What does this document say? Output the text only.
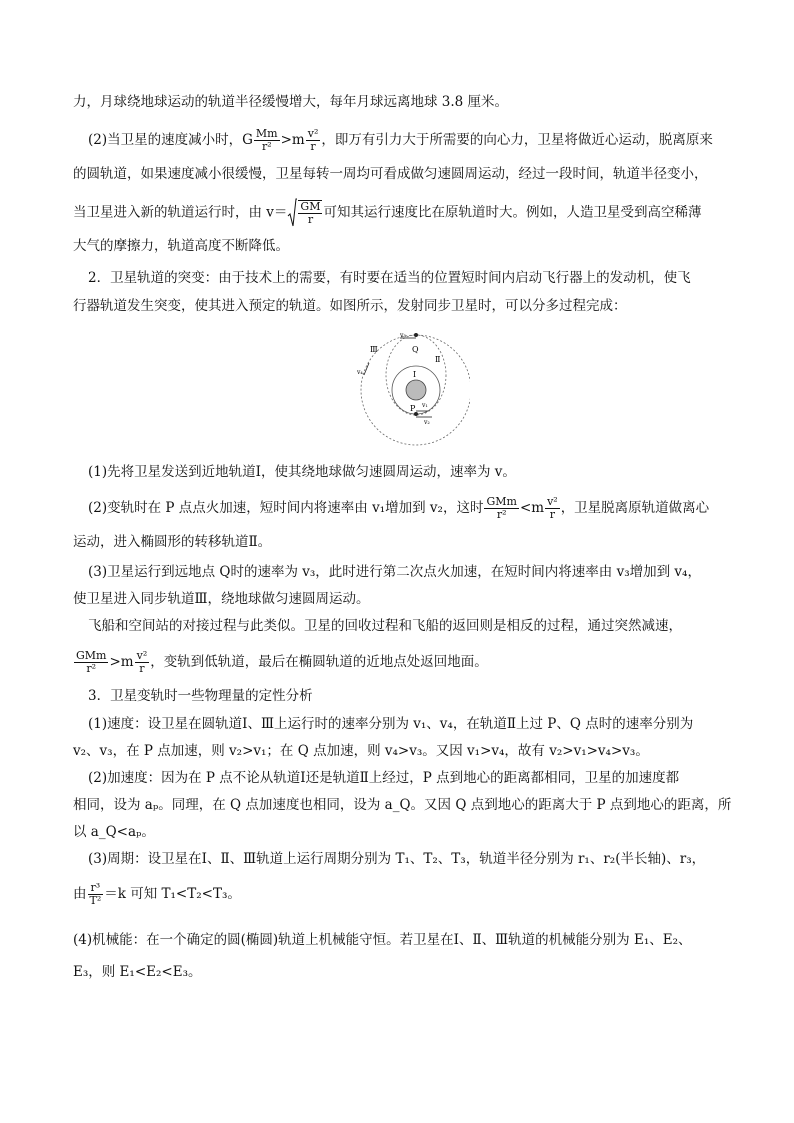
力，月球绕地球运动的轨道半径缓慢增大，每年月球远离地球 3.8 厘米。
(2)当卫星的速度减小时，G $\frac{Mm}{\text{r²}} >m \frac{\text{v²}}{r}$ ，即万有引力大于所需要的向心力，卫星将做近心运动，脱离原来
的圆轨道，如果速度减小很缓慢，卫星每转一周均可看成做匀速圆周运动，经过一段时间，轨道半径变小，
当卫星进入新的轨道运行时，由 $v= \frac{GM}{r}$ 可知其运行速度比在原轨道时大。例如，人造卫星受到高空稀薄
大气的摩擦力，轨道高度不断降低。
2．卫星轨道的突变：由于技术上的需要，有时要在适当的位置短时间内启动飞行器上的发动机，使飞
行器轨道发生突变，使其进入预定的轨道。如图所示，发射同步卫星时，可以分多过程完成：
Ⅲ
Ⅱ
Ⅰ
Q
P
v₃
v₄
v₁
v₂
(1)先将卫星发送到近地轨道Ⅰ，使其绕地球做匀速圆周运动，速率为 v。
(2)变轨时在 P 点点火加速，短时间内将速率由 v₁增加到 v₂，这时 $\frac{\text{GMm}}{\text{r²}} <m \frac{\text{v²}}{r}$ ，卫星脱离原轨道做离心
运动，进入椭圆形的转移轨道Ⅱ。
(3)卫星运行到远地点 Q时的速率为 v₃，此时进行第二次点火加速，在短时间内将速率由 v₃增加到 v₄，
使卫星进入同步轨道Ⅲ，绕地球做匀速圆周运动。
飞船和空间站的对接过程与此类似。卫星的回收过程和飞船的返回则是相反的过程，通过突然减速，
$\frac{\text{GMm}}{\text{r²}} >m \frac{\text{v²}}{r}$ ，变轨到低轨道，最后在椭圆轨道的近地点处返回地面。
3．卫星变轨时一些物理量的定性分析
(1)速度：设卫星在圆轨道Ⅰ、Ⅲ上运行时的速率分别为 v₁、v₄，在轨道Ⅱ上过 P、Q 点时的速率分别为
v₂、v₃，在 P 点加速，则 v₂>v₁；在 Q 点加速，则 v₄>v₃。又因 v₁>v₄，故有 v₂>v₁>v₄>v₃。
(2)加速度：因为在 P 点不论从轨道Ⅰ还是轨道Ⅱ上经过，P 点到地心的距离都相同，卫星的加速度都
相同，设为 aₚ。同理，在 Q 点加速度也相同，设为 a_Q。又因 Q 点到地心的距离大于 P 点到地心的距离，所
以 a_Q<aₚ。
(3)周期：设卫星在Ⅰ、Ⅱ、Ⅲ轨道上运行周期分别为 T₁、T₂、T₃，轨道半径分别为 r₁、r₂(半长轴)、r₃，
由 $\frac{\text{r³}}{\text{T²}} =k$ 可知 T₁<T₂<T₃。
(4)机械能：在一个确定的圆(椭圆)轨道上机械能守恒。若卫星在Ⅰ、Ⅱ、Ⅲ轨道的机械能分别为 E₁、E₂、
E₃，则 E₁<E₂<E₃。
